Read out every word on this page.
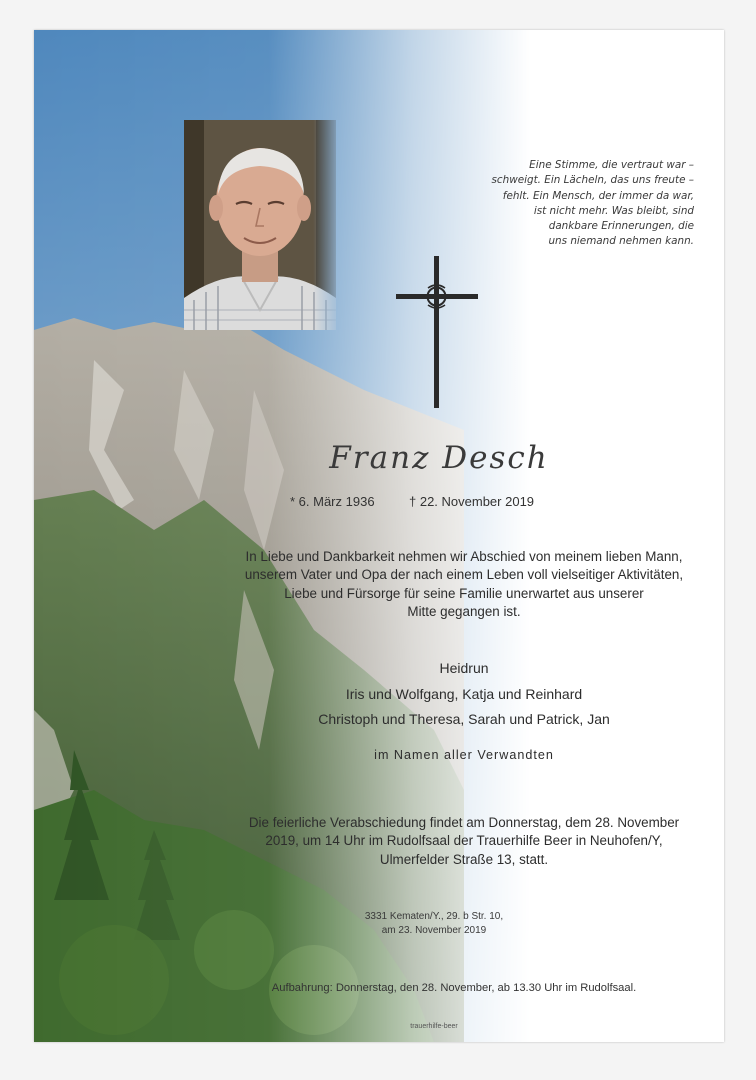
Eine Stimme, die vertraut war –
schweigt. Ein Lächeln, das uns freute –
fehlt. Ein Mensch, der immer da war,
ist nicht mehr. Was bleibt, sind
dankbare Erinnerungen, die
uns niemand nehmen kann.
Franz Desch
* 6. März 1936	† 22. November 2019
In Liebe und Dankbarkeit nehmen wir Abschied von meinem lieben Mann,
unserem Vater und Opa der nach einem Leben voll vielseitiger Aktivitäten,
Liebe und Fürsorge für seine Familie unerwartet aus unserer
Mitte gegangen ist.
Heidrun
Iris und Wolfgang, Katja und Reinhard
Christoph und Theresa, Sarah und Patrick, Jan
im Namen aller Verwandten
Die feierliche Verabschiedung findet am Donnerstag, dem 28. November
2019, um 14 Uhr im Rudolfsaal der Trauerhilfe Beer in Neuhofen/Y,
Ulmerfelder Straße 13, statt.
3331 Kematen/Y., 29. b Str. 10,
am 23. November 2019
Aufbahrung: Donnerstag, den 28. November, ab 13.30 Uhr im Rudolfsaal.
trauerhilfe-beer
